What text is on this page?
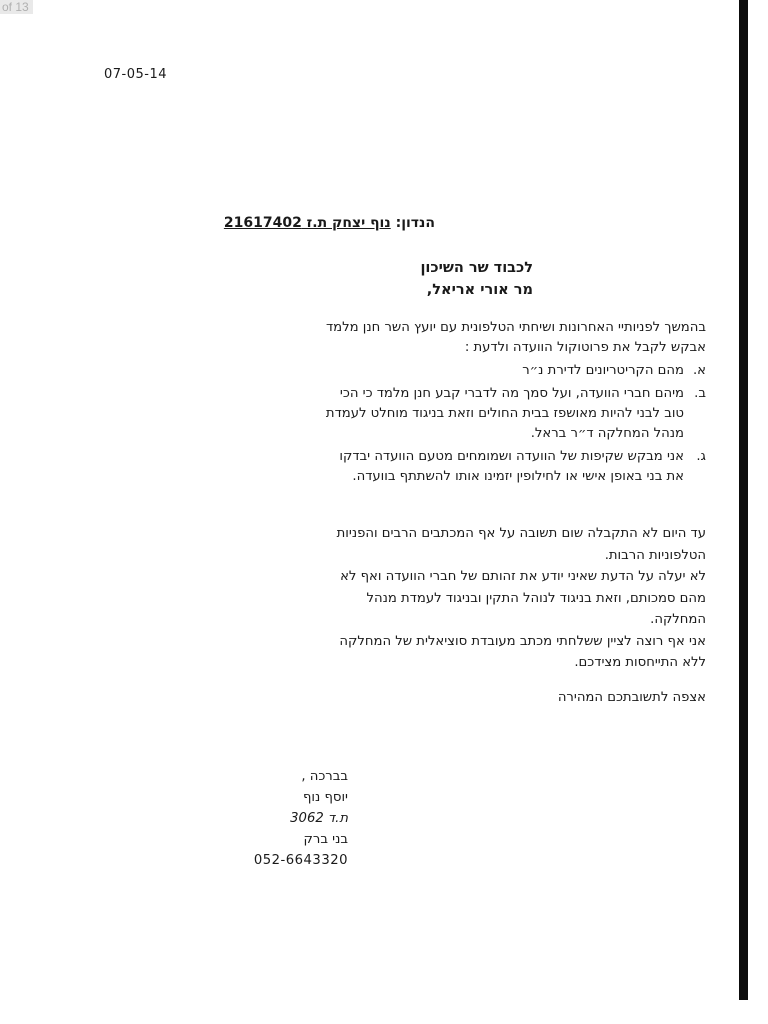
of 13
07-05-14
הנדון: נוף יצחק ת.ז 21617402
לכבוד שר השיכון
מר אורי אריאל,
בהמשך לפניותיי האחרונות ושיחתי הטלפונית עם יועץ השר חנן מלמד
אבקש לקבל את פרוטוקול הוועדה ולדעת :
א.
מהם הקריטריונים לדירת נ״ר
ב.
מיהם חברי הוועדה, ועל סמך מה לדברי קבע חנן מלמד כי הכי
טוב לבני להיות מאושפז בבית החולים וזאת בניגוד מוחלט לעמדת
מנהל המחלקה ד״ר בראל.
ג.
אני מבקש שקיפות של הוועדה ושמומחים מטעם הוועדה יבדקו
את בני באופן אישי או לחילופין יזמינו אותו להשתתף בוועדה.
עד היום לא התקבלה שום תשובה על אף המכתבים הרבים והפניות
הטלפוניות הרבות.
לא יעלה על הדעת שאיני יודע את זהותם של חברי הוועדה ואף לא
מהם סמכותם, וזאת בניגוד לנוהל התקין ובניגוד לעמדת מנהל
המחלקה.
אני אף רוצה לציין ששלחתי מכתב מעובדת סוציאלית של המחלקה
ללא התייחסות מצידכם.
אצפה לתשובתכם המהירה
בברכה ,
יוסף נוף
ת.ד 3062
בני ברק
052-6643320
